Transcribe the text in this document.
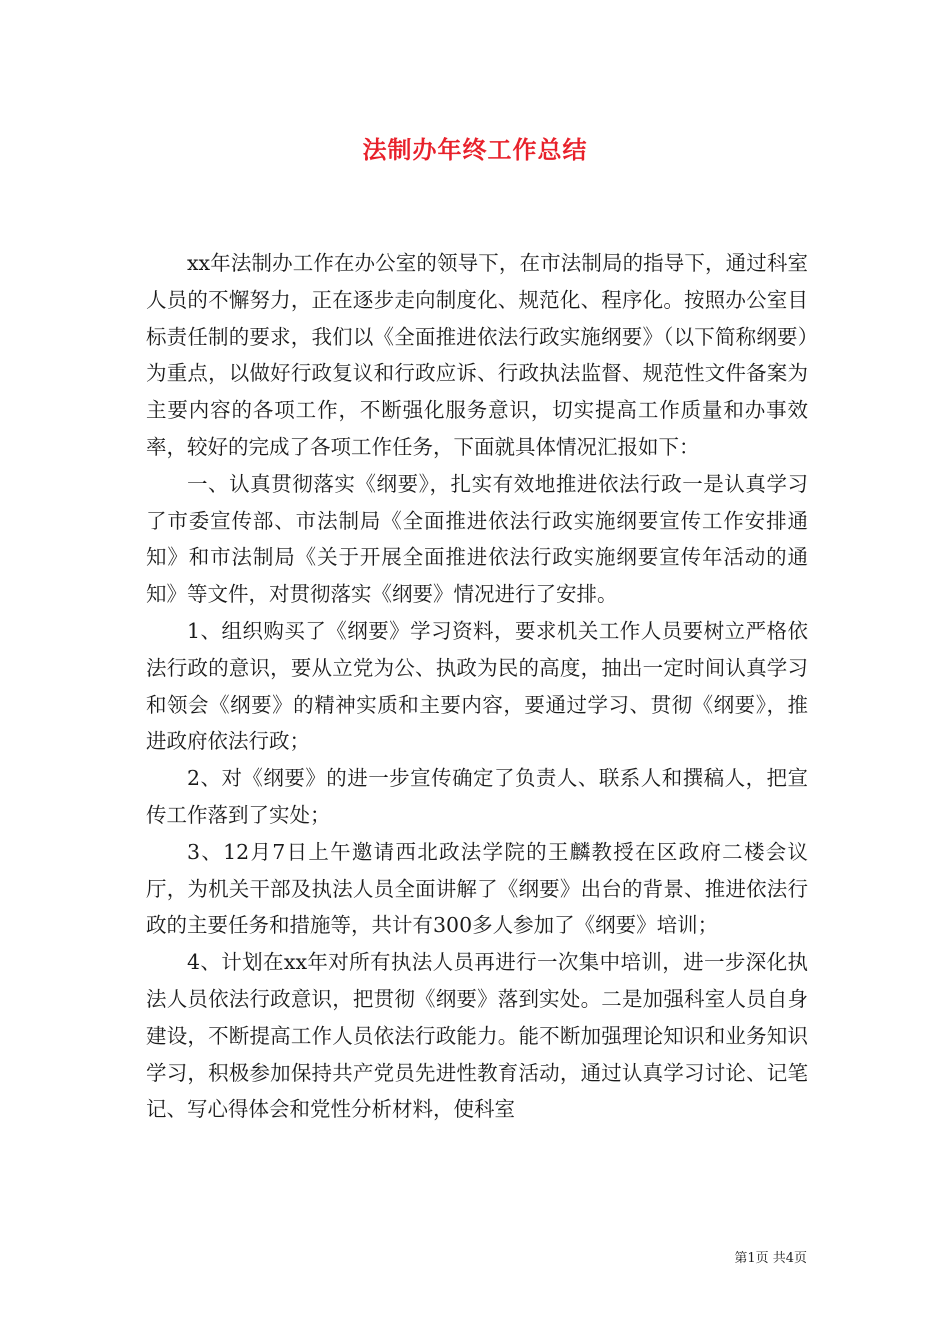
法制办年终工作总结

xx年法制办工作在办公室的领导下，在市法制局的指导下，通过科室人员的不懈努力，正在逐步走向制度化、规范化、程序化。按照办公室目标责任制的要求，我们以《全面推进依法行政实施纲要》（以下简称纲要）为重点，以做好行政复议和行政应诉、行政执法监督、规范性文件备案为主要内容的各项工作，不断强化服务意识，切实提高工作质量和办事效率，较好的完成了各项工作任务，下面就具体情况汇报如下：

一、认真贯彻落实《纲要》，扎实有效地推进依法行政一是认真学习了市委宣传部、市法制局《全面推进依法行政实施纲要宣传工作安排通知》和市法制局《关于开展全面推进依法行政实施纲要宣传年活动的通知》等文件，对贯彻落实《纲要》情况进行了安排。

1、组织购买了《纲要》学习资料，要求机关工作人员要树立严格依法行政的意识，要从立党为公、执政为民的高度，抽出一定时间认真学习和领会《纲要》的精神实质和主要内容，要通过学习、贯彻《纲要》，推进政府依法行政；

2、对《纲要》的进一步宣传确定了负责人、联系人和撰稿人，把宣传工作落到了实处；

3、12月7日上午邀请西北政法学院的王麟教授在区政府二楼会议厅，为机关干部及执法人员全面讲解了《纲要》出台的背景、推进依法行政的主要任务和措施等，共计有300多人参加了《纲要》培训；

4、计划在xx年对所有执法人员再进行一次集中培训，进一步深化执法人员依法行政意识，把贯彻《纲要》落到实处。二是加强科室人员自身建设，不断提高工作人员依法行政能力。能不断加强理论知识和业务知识学习，积极参加保持共产党员先进性教育活动，通过认真学习讨论、记笔记、写心得体会和党性分析材料，使科室

第1页 共4页
